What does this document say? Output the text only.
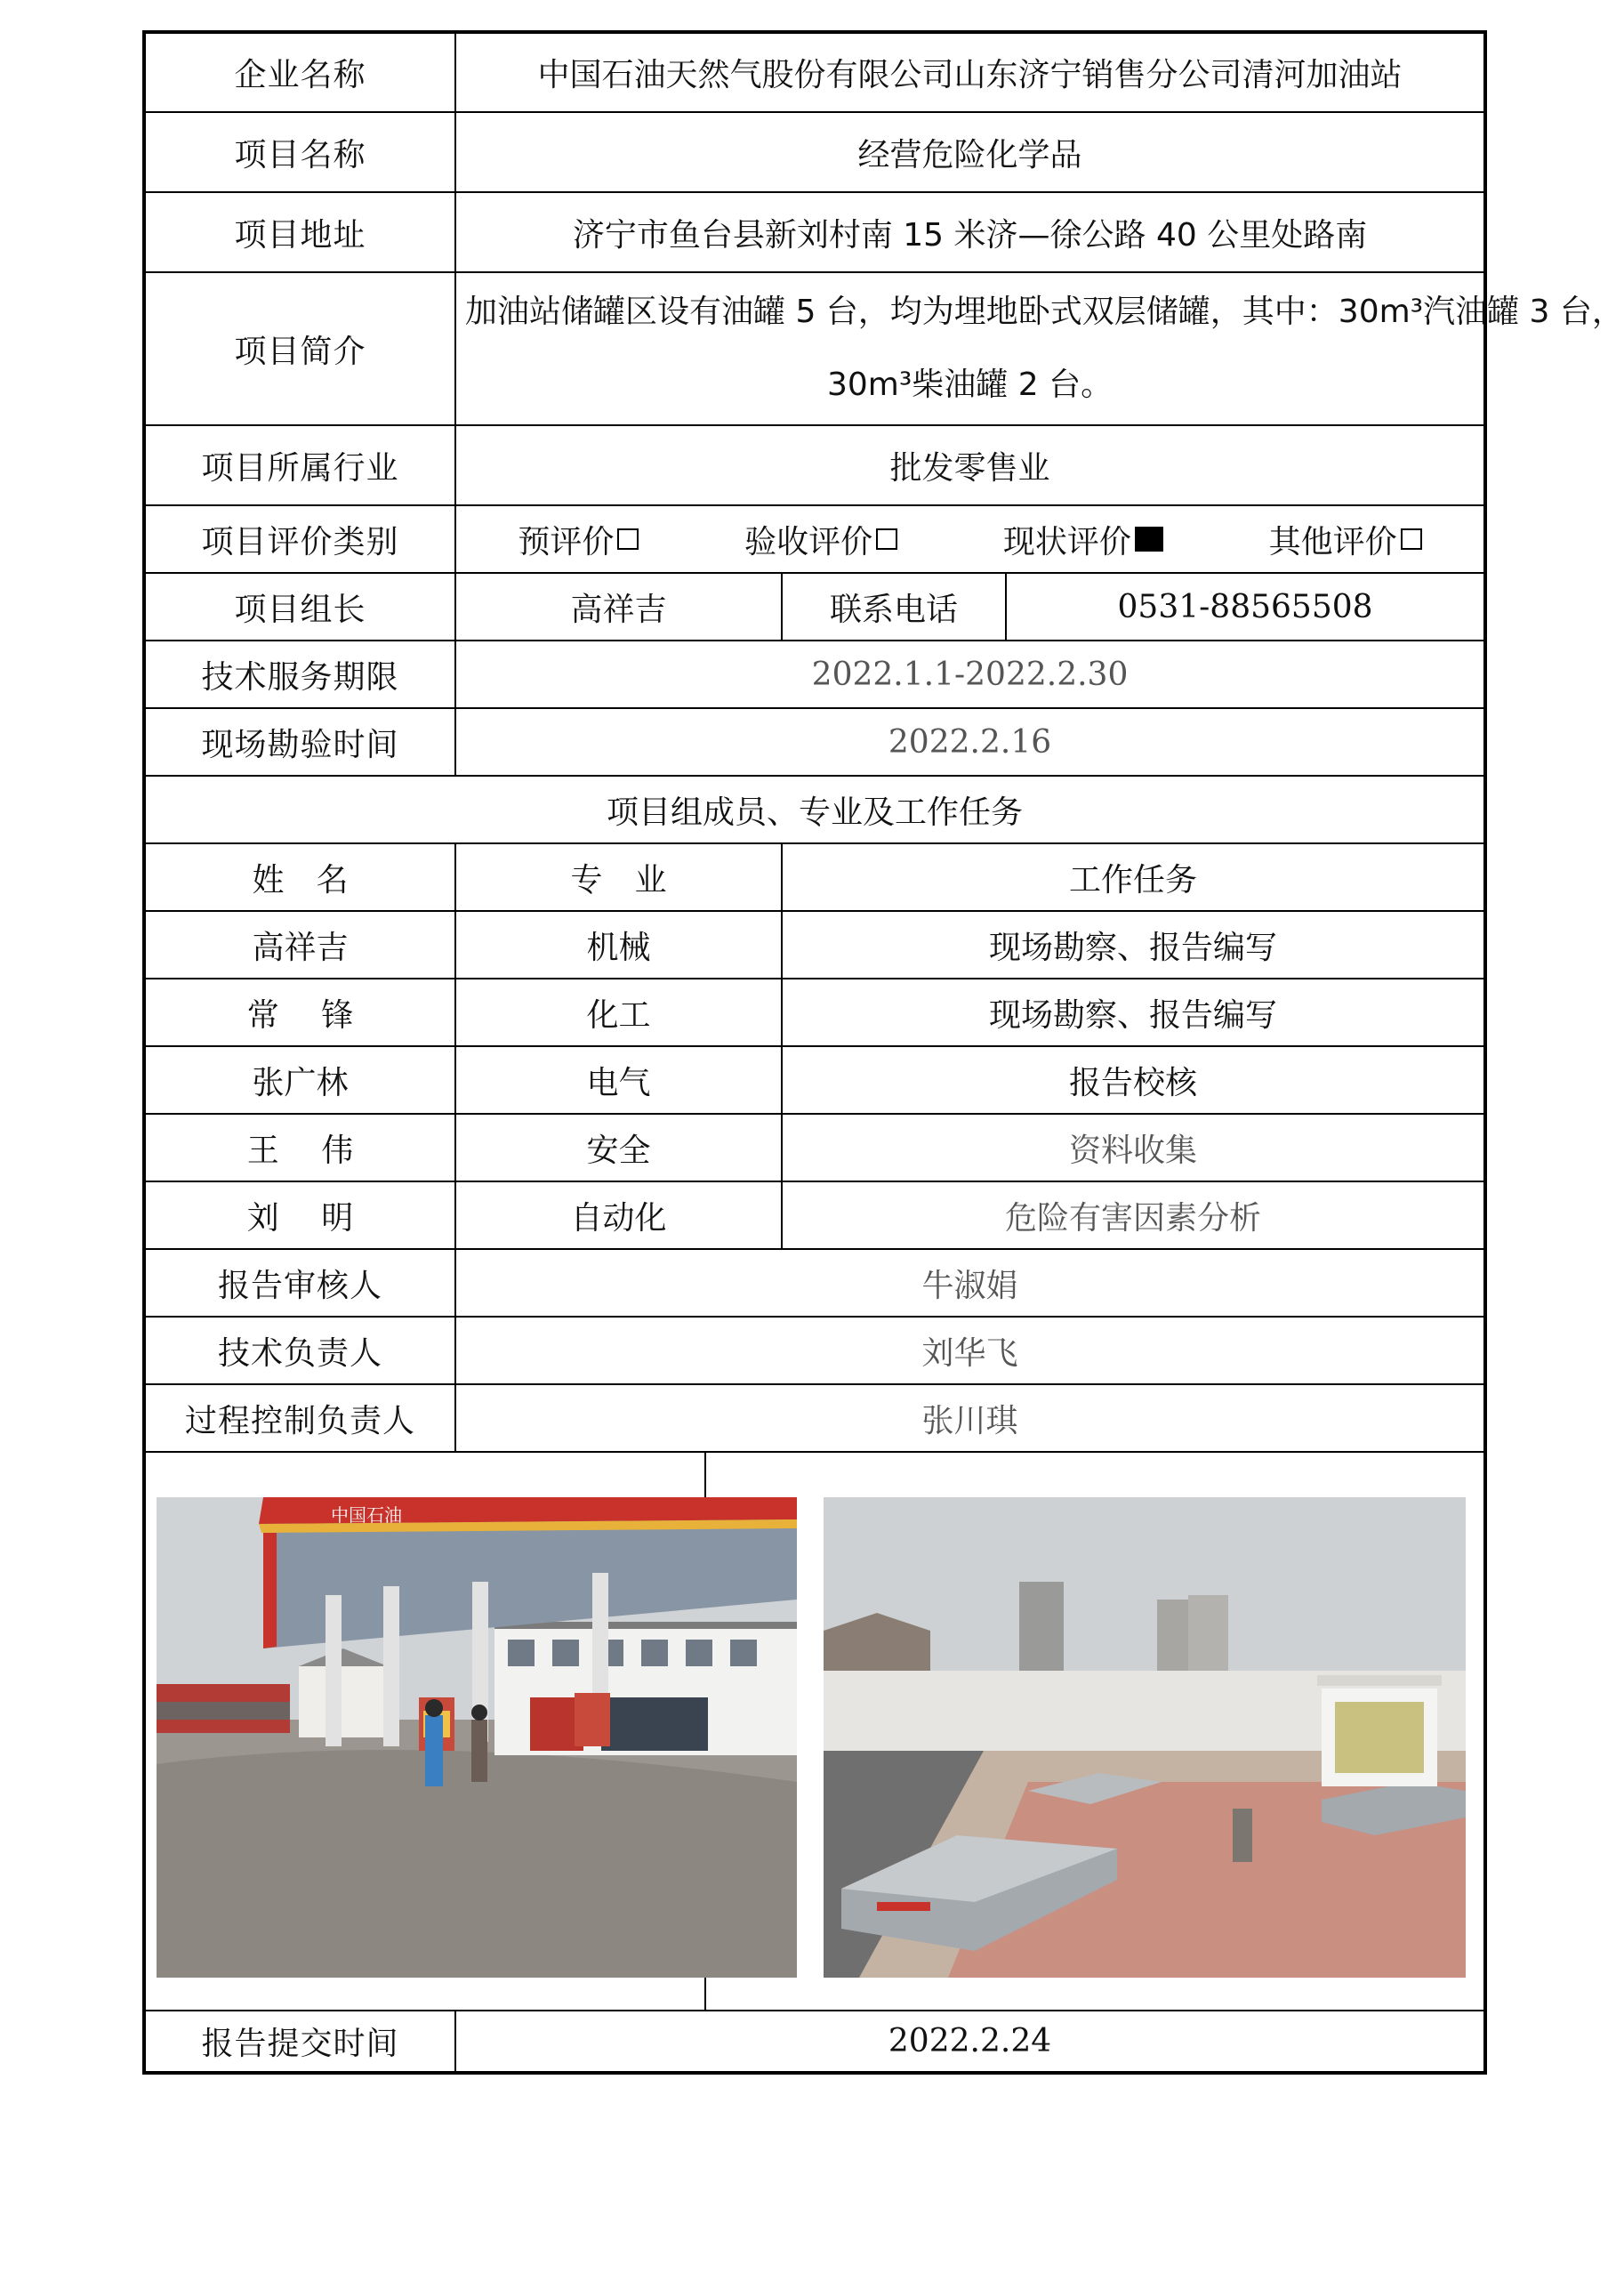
企业名称	中国石油天然气股份有限公司山东济宁销售分公司清河加油站			
项目名称	经营危险化学品			
项目地址	济宁市鱼台县新刘村南 15 米济—徐公路 40 公里处路南			
项目简介	加油站储罐区设有油罐 5 台，均为埋地卧式双层储罐，其中：30m³汽油罐 3 台，
30m³柴油罐 2 台。			

项目所属行业	批发零售业			
项目评价类别	预评价 验收评价 现状评价 其他评价			

项目组长	高祥吉		联系电话	0531-88565508
技术服务期限	2022.1.1-2022.2.30			
现场勘验时间	2022.2.16			
项目组成员、专业及工作任务				
姓　名	专　业		工作任务	
高祥吉	机械		现场勘察、报告编写	
常　 锋	化工		现场勘察、报告编写	
张广林	电气		报告校核	
王　 伟	安全		资料收集	
刘　 明	自动化		危险有害因素分析	
报告审核人	牛淑娟			
技术负责人	刘华飞			
过程控制负责人	张川琪			

报告提交时间	2022.2.24			
中国石油
